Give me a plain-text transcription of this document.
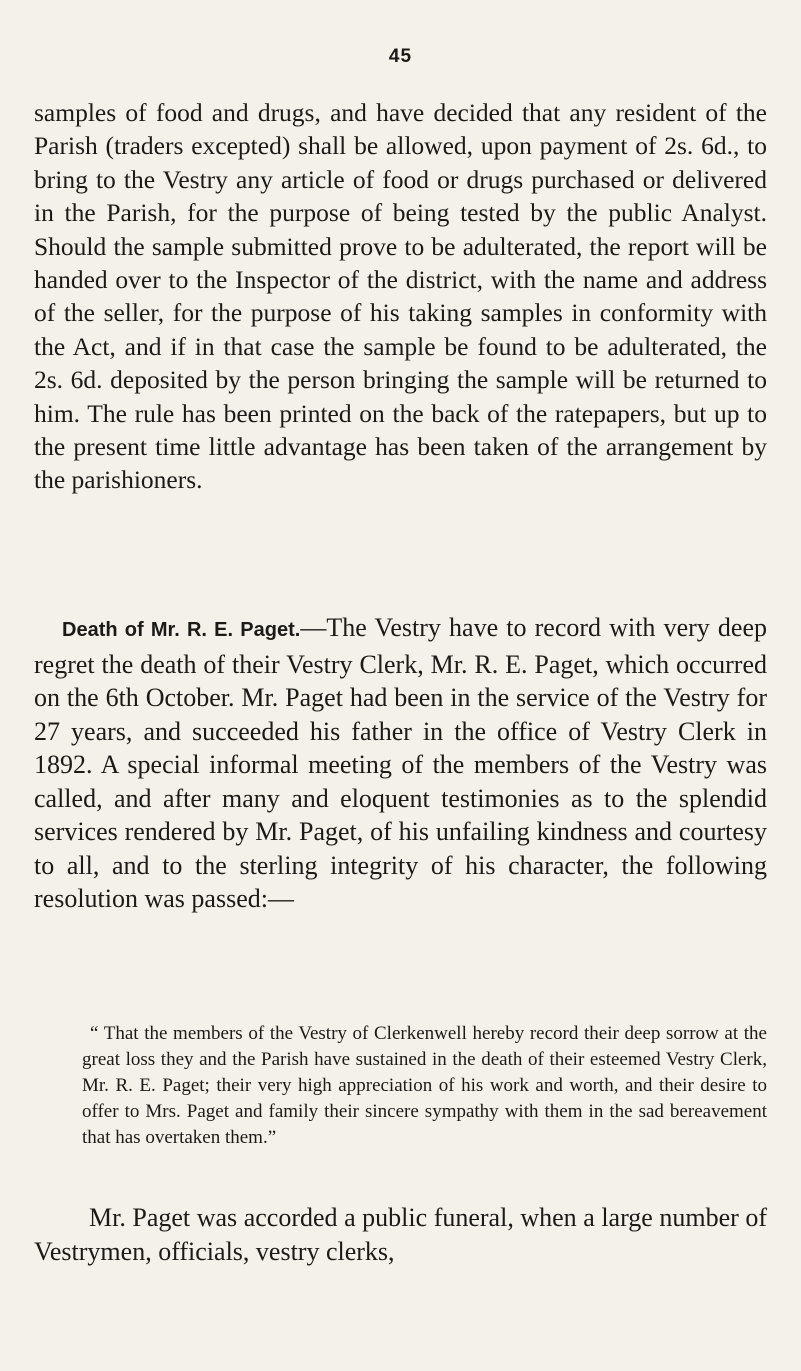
45

samples of food and drugs, and have decided that any resident of the Parish (traders excepted) shall be allowed, upon payment of 2s. 6d., to bring to the Vestry any article of food or drugs purchased or delivered in the Parish, for the purpose of being tested by the public Analyst. Should the sample submitted prove to be adulterated, the report will be handed over to the Inspector of the district, with the name and address of the seller, for the purpose of his taking samples in conformity with the Act, and if in that case the sample be found to be adulterated, the 2s. 6d. deposited by the person bringing the sample will be returned to him. The rule has been printed on the back of the ratepapers, but up to the present time little advantage has been taken of the arrangement by the parishioners.

Death of Mr. R. E. Paget.—The Vestry have to record with very deep regret the death of their Vestry Clerk, Mr. R. E. Paget, which occurred on the 6th October. Mr. Paget had been in the service of the Vestry for 27 years, and succeeded his father in the office of Vestry Clerk in 1892. A special informal meeting of the members of the Vestry was called, and after many and eloquent testimonies as to the splendid services rendered by Mr. Paget, of his unfailing kindness and courtesy to all, and to the sterling integrity of his character, the following resolution was passed:—

“ That the members of the Vestry of Clerkenwell hereby record their deep sorrow at the great loss they and the Parish have sustained in the death of their esteemed Vestry Clerk, Mr. R. E. Paget; their very high appreciation of his work and worth, and their desire to offer to Mrs. Paget and family their sincere sympathy with them in the sad bereavement that has overtaken them.”

Mr. Paget was accorded a public funeral, when a large number of Vestrymen, officials, vestry clerks,
